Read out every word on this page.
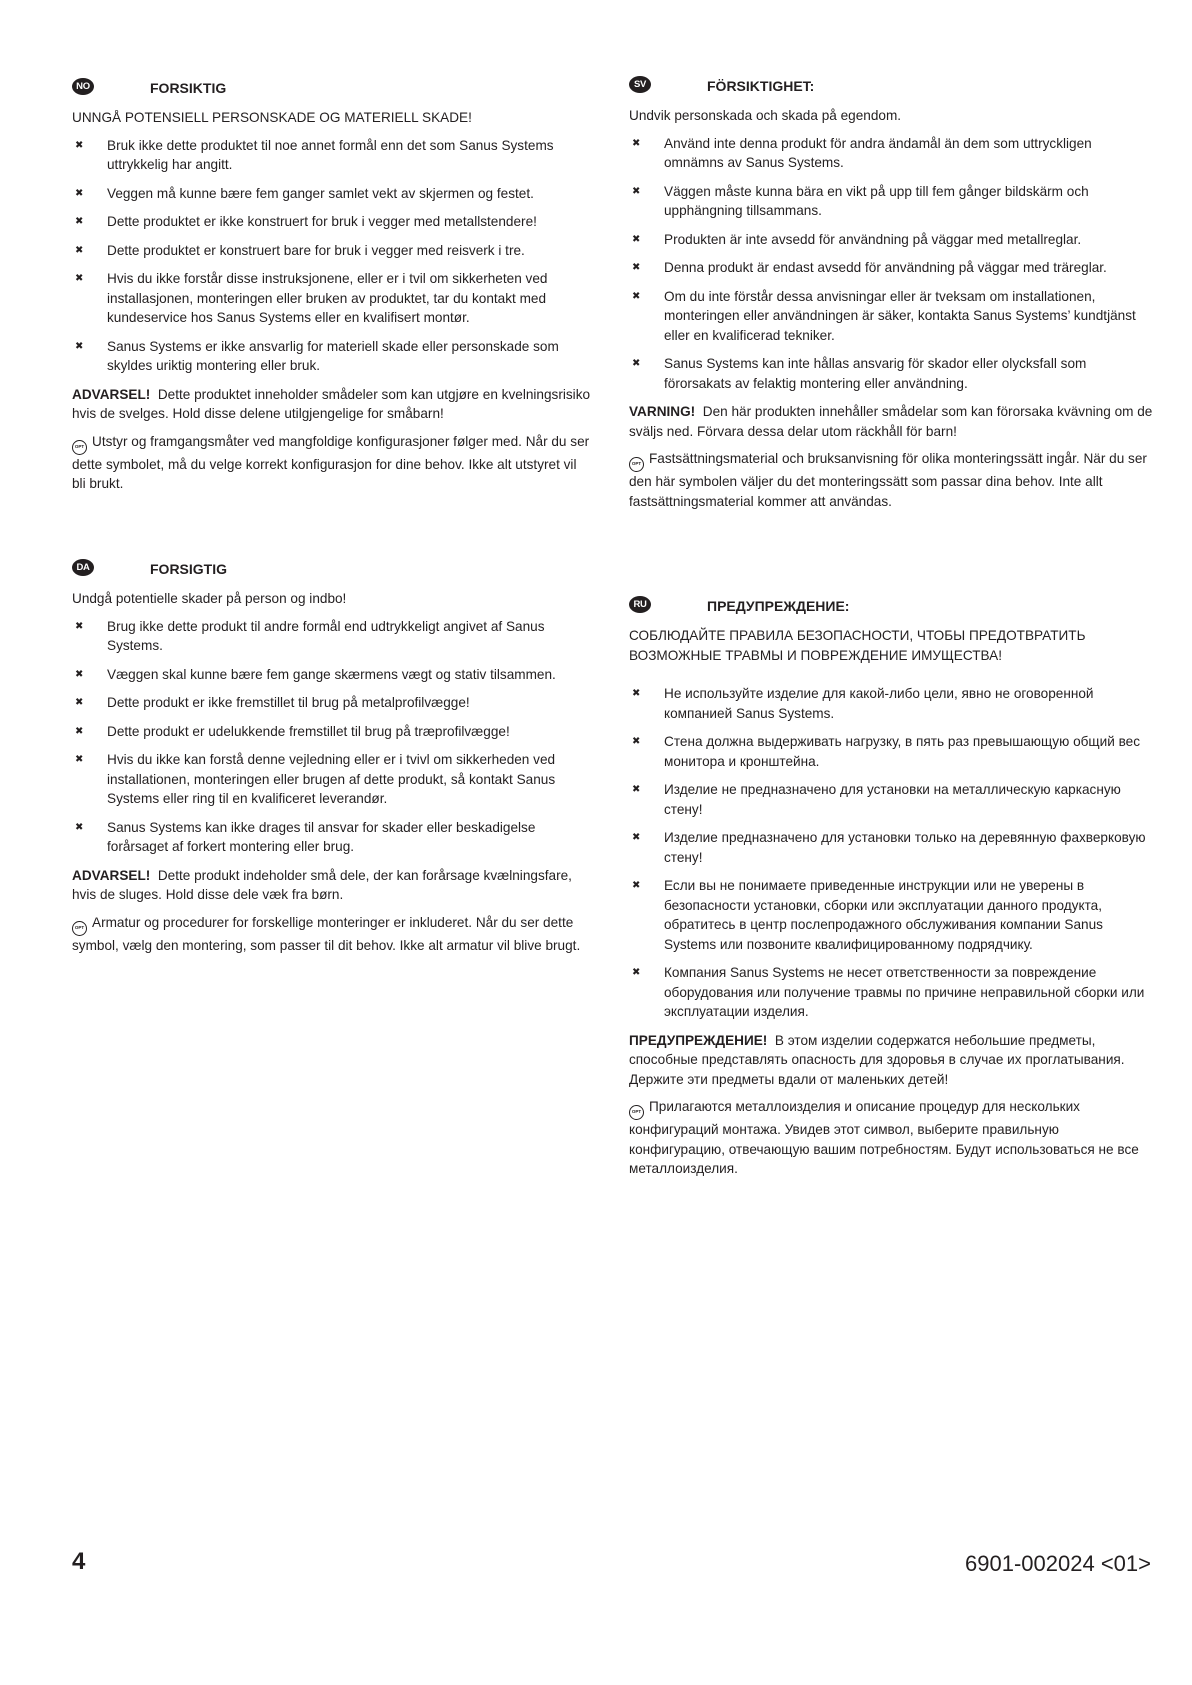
NO	FORSIKTIG
UNNGÅ POTENSIELL PERSONSKADE OG MATERIELL SKADE!
✖ Bruk ikke dette produktet til noe annet formål enn det som Sanus Systems uttrykkelig har angitt.
✖ Veggen må kunne bære fem ganger samlet vekt av skjermen og festet.
✖ Dette produktet er ikke konstruert for bruk i vegger med metallstendere!
✖ Dette produktet er konstruert bare for bruk i vegger med reisverk i tre.
✖ Hvis du ikke forstår disse instruksjonene, eller er i tvil om sikkerheten ved installasjonen, monteringen eller bruken av produktet, tar du kontakt med kundeservice hos Sanus Systems eller en kvalifisert montør.
✖ Sanus Systems er ikke ansvarlig for materiell skade eller personskade som skyldes uriktig montering eller bruk.
ADVARSEL! Dette produktet inneholder smådeler som kan utgjøre en kvelningsrisiko hvis de svelges. Hold disse delene utilgjengelige for småbarn!
OPT Utstyr og framgangsmåter ved mangfoldige konfigurasjoner følger med. Når du ser dette symbolet, må du velge korrekt konfigurasjon for dine behov. Ikke alt utstyret vil bli brukt.
DA	FORSIGTIG
Undgå potentielle skader på person og indbo!
✖ Brug ikke dette produkt til andre formål end udtrykkeligt angivet af Sanus Systems.
✖ Væggen skal kunne bære fem gange skærmens vægt og stativ tilsammen.
✖ Dette produkt er ikke fremstillet til brug på metalprofilvægge!
✖ Dette produkt er udelukkende fremstillet til brug på træprofilvægge!
✖ Hvis du ikke kan forstå denne vejledning eller er i tvivl om sikkerheden ved installationen, monteringen eller brugen af dette produkt, så kontakt Sanus Systems eller ring til en kvalificeret leverandør.
✖ Sanus Systems kan ikke drages til ansvar for skader eller beskadigelse forårsaget af forkert montering eller brug.
ADVARSEL! Dette produkt indeholder små dele, der kan forårsage kvælningsfare, hvis de sluges. Hold disse dele væk fra børn.
OPT Armatur og procedurer for forskellige monteringer er inkluderet. Når du ser dette symbol, vælg den montering, som passer til dit behov. Ikke alt armatur vil blive brugt.
SV	FÖRSIKTIGHET:
Undvik personskada och skada på egendom.
✖ Använd inte denna produkt för andra ändamål än dem som uttryckligen omnämns av Sanus Systems.
✖ Väggen måste kunna bära en vikt på upp till fem gånger bildskärm och upphängning tillsammans.
✖ Produkten är inte avsedd för användning på väggar med metallreglar.
✖ Denna produkt är endast avsedd för användning på väggar med träreglar.
✖ Om du inte förstår dessa anvisningar eller är tveksam om installationen, monteringen eller användningen är säker, kontakta Sanus Systems’ kundtjänst eller en kvalificerad tekniker.
✖ Sanus Systems kan inte hållas ansvarig för skador eller olycksfall som förorsakats av felaktig montering eller användning.
VARNING! Den här produkten innehåller smådelar som kan förorsaka kvävning om de sväljs ned. Förvara dessa delar utom räckhåll för barn!
OPT Fastsättningsmaterial och bruksanvisning för olika monteringssätt ingår. När du ser den här symbolen väljer du det monteringssätt som passar dina behov. Inte allt fastsättningsmaterial kommer att användas.
RU	ПРЕДУПРЕЖДЕНИЕ:
СОБЛЮДАЙТЕ ПРАВИЛА БЕЗОПАСНОСТИ, ЧТОБЫ ПРЕДОТВРАТИТЬ ВОЗМОЖНЫЕ ТРАВМЫ И ПОВРЕЖДЕНИЕ ИМУЩЕСТВА!
✖ Не используйте изделие для какой-либо цели, явно не оговоренной компанией Sanus Systems.
✖ Стена должна выдерживать нагрузку, в пять раз превышающую общий вес монитора и кронштейна.
✖ Изделие не предназначено для установки на металлическую каркасную стену!
✖ Изделие предназначено для установки только на деревянную фахверковую стену!
✖ Если вы не понимаете приведенные инструкции или не уверены в безопасности установки, сборки или эксплуатации данного продукта, обратитесь в центр послепродажного обслуживания компании Sanus Systems или позвоните квалифицированному подрядчику.
✖ Компания Sanus Systems не несет ответственности за повреждение оборудования или получение травмы по причине неправильной сборки или эксплуатации изделия.
ПРЕДУПРЕЖДЕНИЕ! В этом изделии содержатся небольшие предметы, способные представлять опасность для здоровья в случае их проглатывания. Держите эти предметы вдали от маленьких детей!
OPT Прилагаются металлоизделия и описание процедур для нескольких конфигураций монтажа. Увидев этот символ, выберите правильную конфигурацию, отвечающую вашим потребностям. Будут использоваться не все металлоизделия.
4	6901-002024 <01>
